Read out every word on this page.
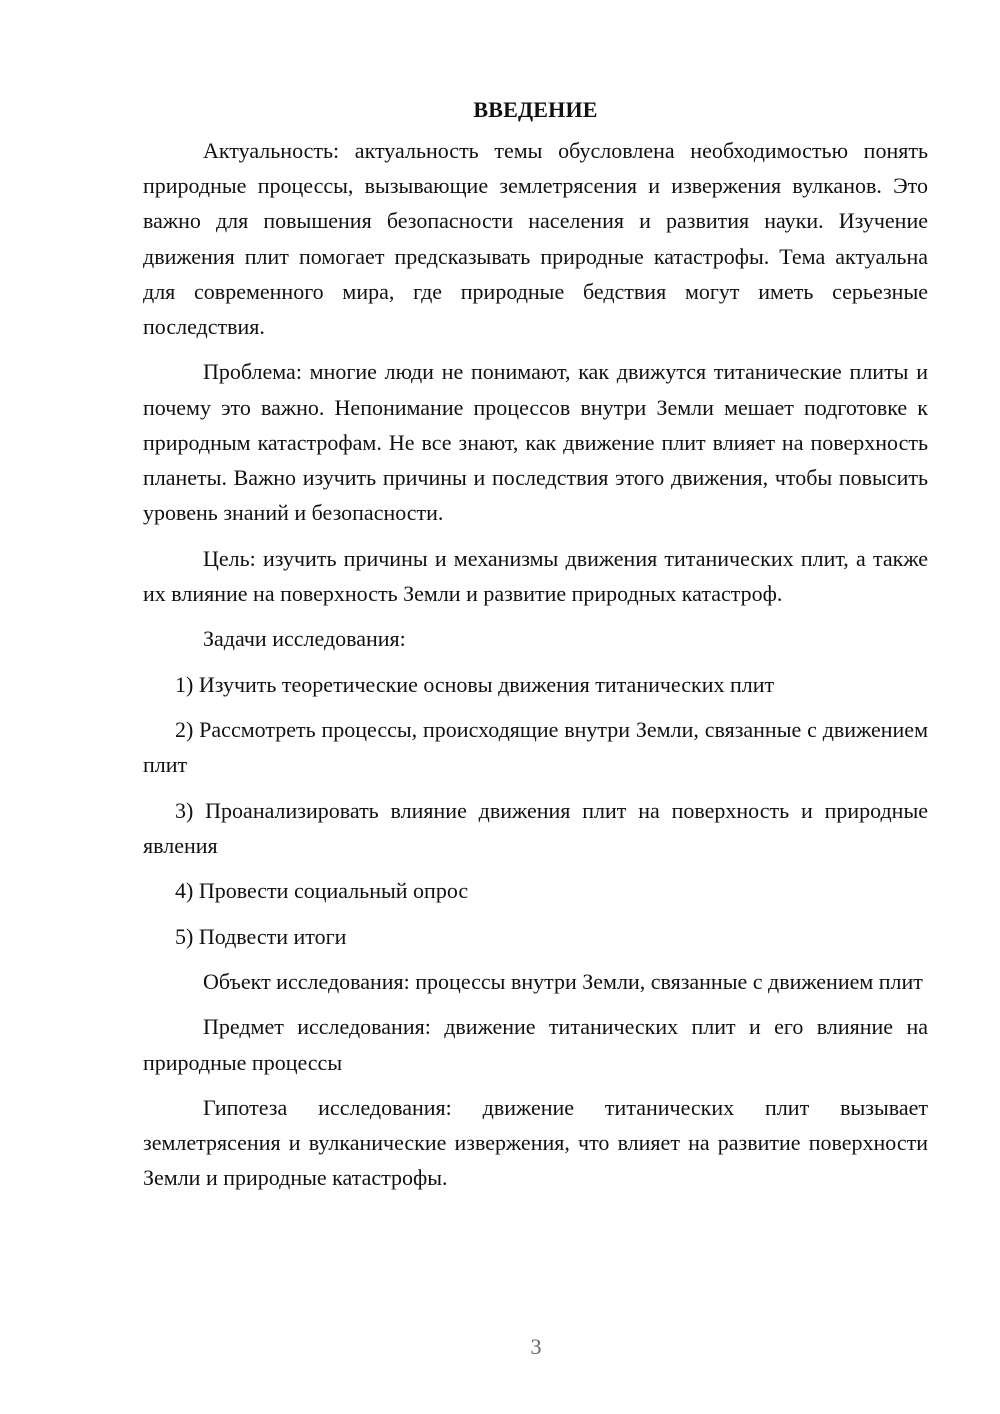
ВВЕДЕНИЕ

Актуальность: актуальность темы обусловлена необходимостью понять природные процессы, вызывающие землетрясения и извержения вулканов. Это важно для повышения безопасности населения и развития науки. Изучение движения плит помогает предсказывать природные катастрофы. Тема актуальна для современного мира, где природные бедствия могут иметь серьезные последствия.

Проблема: многие люди не понимают, как движутся титанические плиты и почему это важно. Непонимание процессов внутри Земли мешает подготовке к природным катастрофам. Не все знают, как движение плит влияет на поверхность планеты. Важно изучить причины и последствия этого движения, чтобы повысить уровень знаний и безопасности.

Цель: изучить причины и механизмы движения титанических плит, а также их влияние на поверхность Земли и развитие природных катастроф.

Задачи исследования:

1) Изучить теоретические основы движения титанических плит

2) Рассмотреть процессы, происходящие внутри Земли, связанные с движением плит

3) Проанализировать влияние движения плит на поверхность и природные явления

4) Провести социальный опрос

5) Подвести итоги

Объект исследования: процессы внутри Земли, связанные с движением плит

Предмет исследования: движение титанических плит и его влияние на природные процессы

Гипотеза исследования: движение титанических плит вызывает землетрясения и вулканические извержения, что влияет на развитие поверхности Земли и природные катастрофы.

3
